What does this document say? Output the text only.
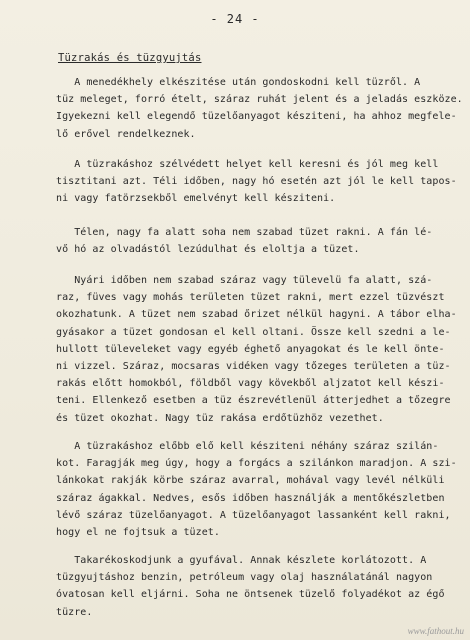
- 24 -
Tüzrakás és tüzgyujtás
A menedékhely elkészitése után gondoskodni kell tüzről. A
tüz meleget, forró ételt, száraz ruhát jelent és a jeladás eszköze.
Igyekezni kell elegendő tüzelőanyagot késziteni, ha ahhoz megfele-
lő erővel rendelkeznek.
A tüzrakáshoz szélvédett helyet kell keresni és jól meg kell
tisztitani azt. Téli időben, nagy hó esetén azt jól le kell tapos-
ni vagy fatörzsekből emelvényt kell késziteni.
Télen, nagy fa alatt soha nem szabad tüzet rakni. A fán lé-
vő hó az olvadástól lezúdulhat és eloltja a tüzet.
Nyári időben nem szabad száraz vagy tülevelü fa alatt, szá-
raz, füves vagy mohás területen tüzet rakni, mert ezzel tüzvészt
okozhatunk. A tüzet nem szabad őrizet nélkül hagyni. A tábor elha-
gyásakor a tüzet gondosan el kell oltani. Össze kell szedni a le-
hullott tüleveleket vagy egyéb éghető anyagokat és le kell önte-
ni vizzel. Száraz, mocsaras vidéken vagy tőzeges területen a tüz-
rakás előtt homokból, földből vagy kövekből aljzatot kell készi-
teni. Ellenkező esetben a tüz észrevétlenül átterjedhet a tőzegre
és tüzet okozhat. Nagy tüz rakása erdőtüzhöz vezethet.
A tüzrakáshoz előbb elő kell késziteni néhány száraz szilán-
kot. Faragják meg úgy, hogy a forgács a szilánkon maradjon. A szi-
lánkokat rakják körbe száraz avarral, mohával vagy levél nélküli
száraz ágakkal. Nedves, esős időben használják a mentőkészletben
lévő száraz tüzelőanyagot. A tüzelőanyagot lassanként kell rakni,
hogy el ne fojtsuk a tüzet.
Takarékoskodjunk a gyufával. Annak készlete korlátozott. A
tüzgyujtáshoz benzin, petróleum vagy olaj használatánál nagyon
óvatosan kell eljárni. Soha ne öntsenek tüzelő folyadékot az égő
tüzre.
www.fathout.hu
